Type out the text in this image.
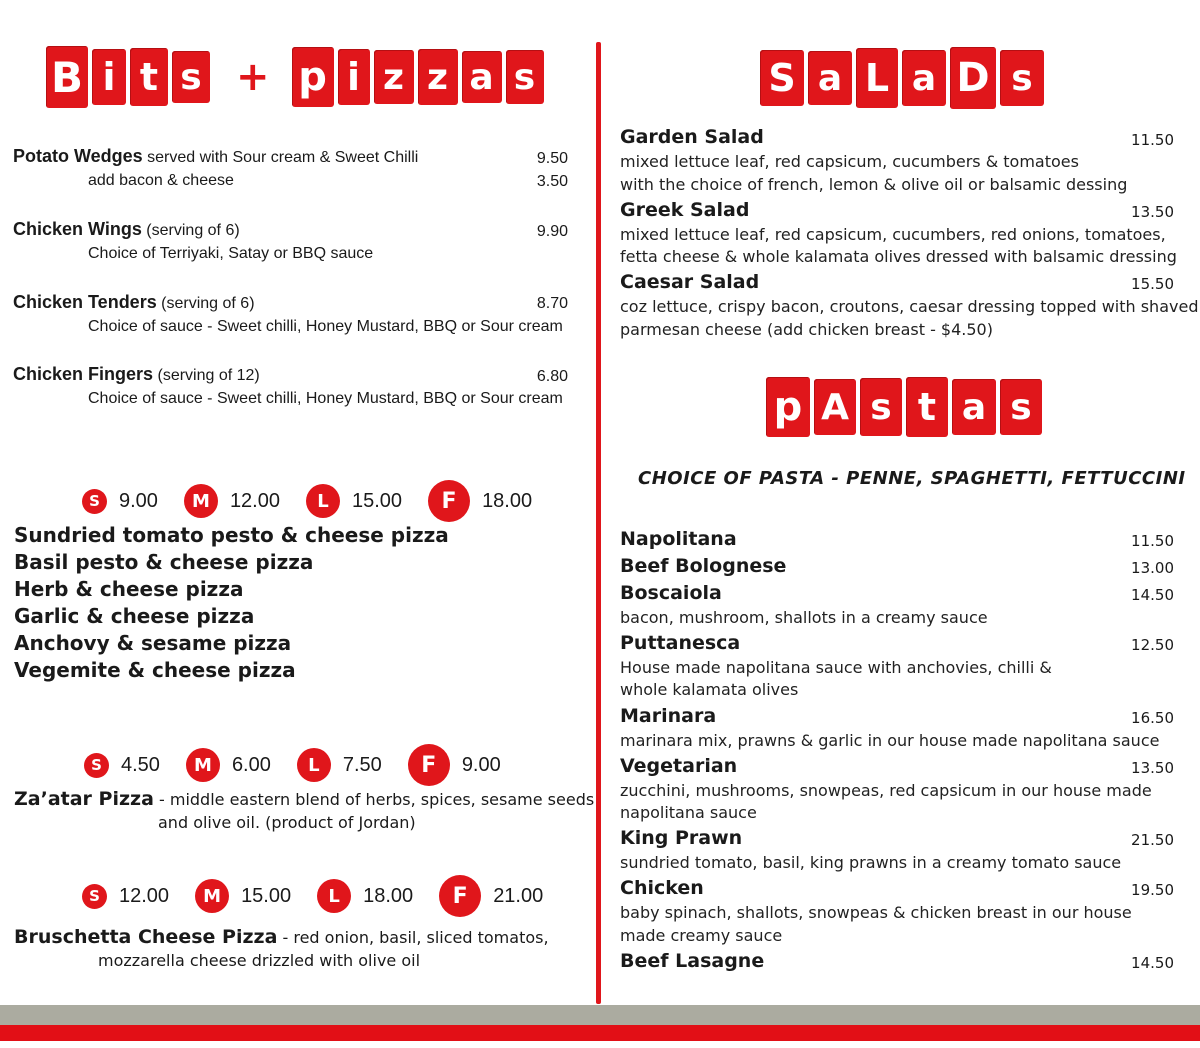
B i t s + p i z z a s
Potato Wedges served with Sour cream & Sweet Chilli	9.50
add bacon & cheese	3.50
Chicken Wings (serving of 6)	9.90
Choice of Terriyaki, Satay or BBQ sauce
Chicken Tenders (serving of 6)	8.70
Choice of sauce - Sweet chilli, Honey Mustard, BBQ or Sour cream
Chicken Fingers (serving of 12)	6.80
Choice of sauce - Sweet chilli, Honey Mustard, BBQ or Sour cream
S 9.00	M	12.00	L	15.00	F	18.00
Sundried tomato pesto & cheese pizza
Basil pesto & cheese pizza
Herb & cheese pizza
Garlic & cheese pizza
Anchovy & sesame pizza
Vegemite & cheese pizza
S 4.50	M	6.00	L	7.50	F	9.00
Za’atar Pizza - middle eastern blend of herbs, spices, sesame seeds
and olive oil. (product of Jordan)
S 12.00	M	15.00	L	18.00	F	21.00
Bruschetta Cheese Pizza - red onion, basil, sliced tomatos,
mozzarella cheese drizzled with olive oil
S a L a D s
Garden Salad	11.50
mixed lettuce leaf, red capsicum, cucumbers & tomatoes
with the choice of french, lemon & olive oil or balsamic dessing
Greek Salad	13.50
mixed lettuce leaf, red capsicum, cucumbers, red onions, tomatoes,
fetta cheese & whole kalamata olives dressed with balsamic dressing
Caesar Salad	15.50
coz lettuce, crispy bacon, croutons, caesar dressing topped with shaved
parmesan cheese (add chicken breast - $4.50)
p A s t a s
CHOICE OF PASTA - PENNE, SPAGHETTI, FETTUCCINI
Napolitana	11.50
Beef Bolognese	13.00
Boscaiola	14.50
bacon, mushroom, shallots in a creamy sauce
Puttanesca	12.50
House made napolitana sauce with anchovies, chilli &
whole kalamata olives
Marinara	16.50
marinara mix, prawns & garlic in our house made napolitana sauce
Vegetarian	13.50
zucchini, mushrooms, snowpeas, red capsicum in our house made
napolitana sauce
King Prawn	21.50
sundried tomato, basil, king prawns in a creamy tomato sauce
Chicken	19.50
baby spinach, shallots, snowpeas & chicken breast in our house
made creamy sauce
Beef Lasagne	14.50
